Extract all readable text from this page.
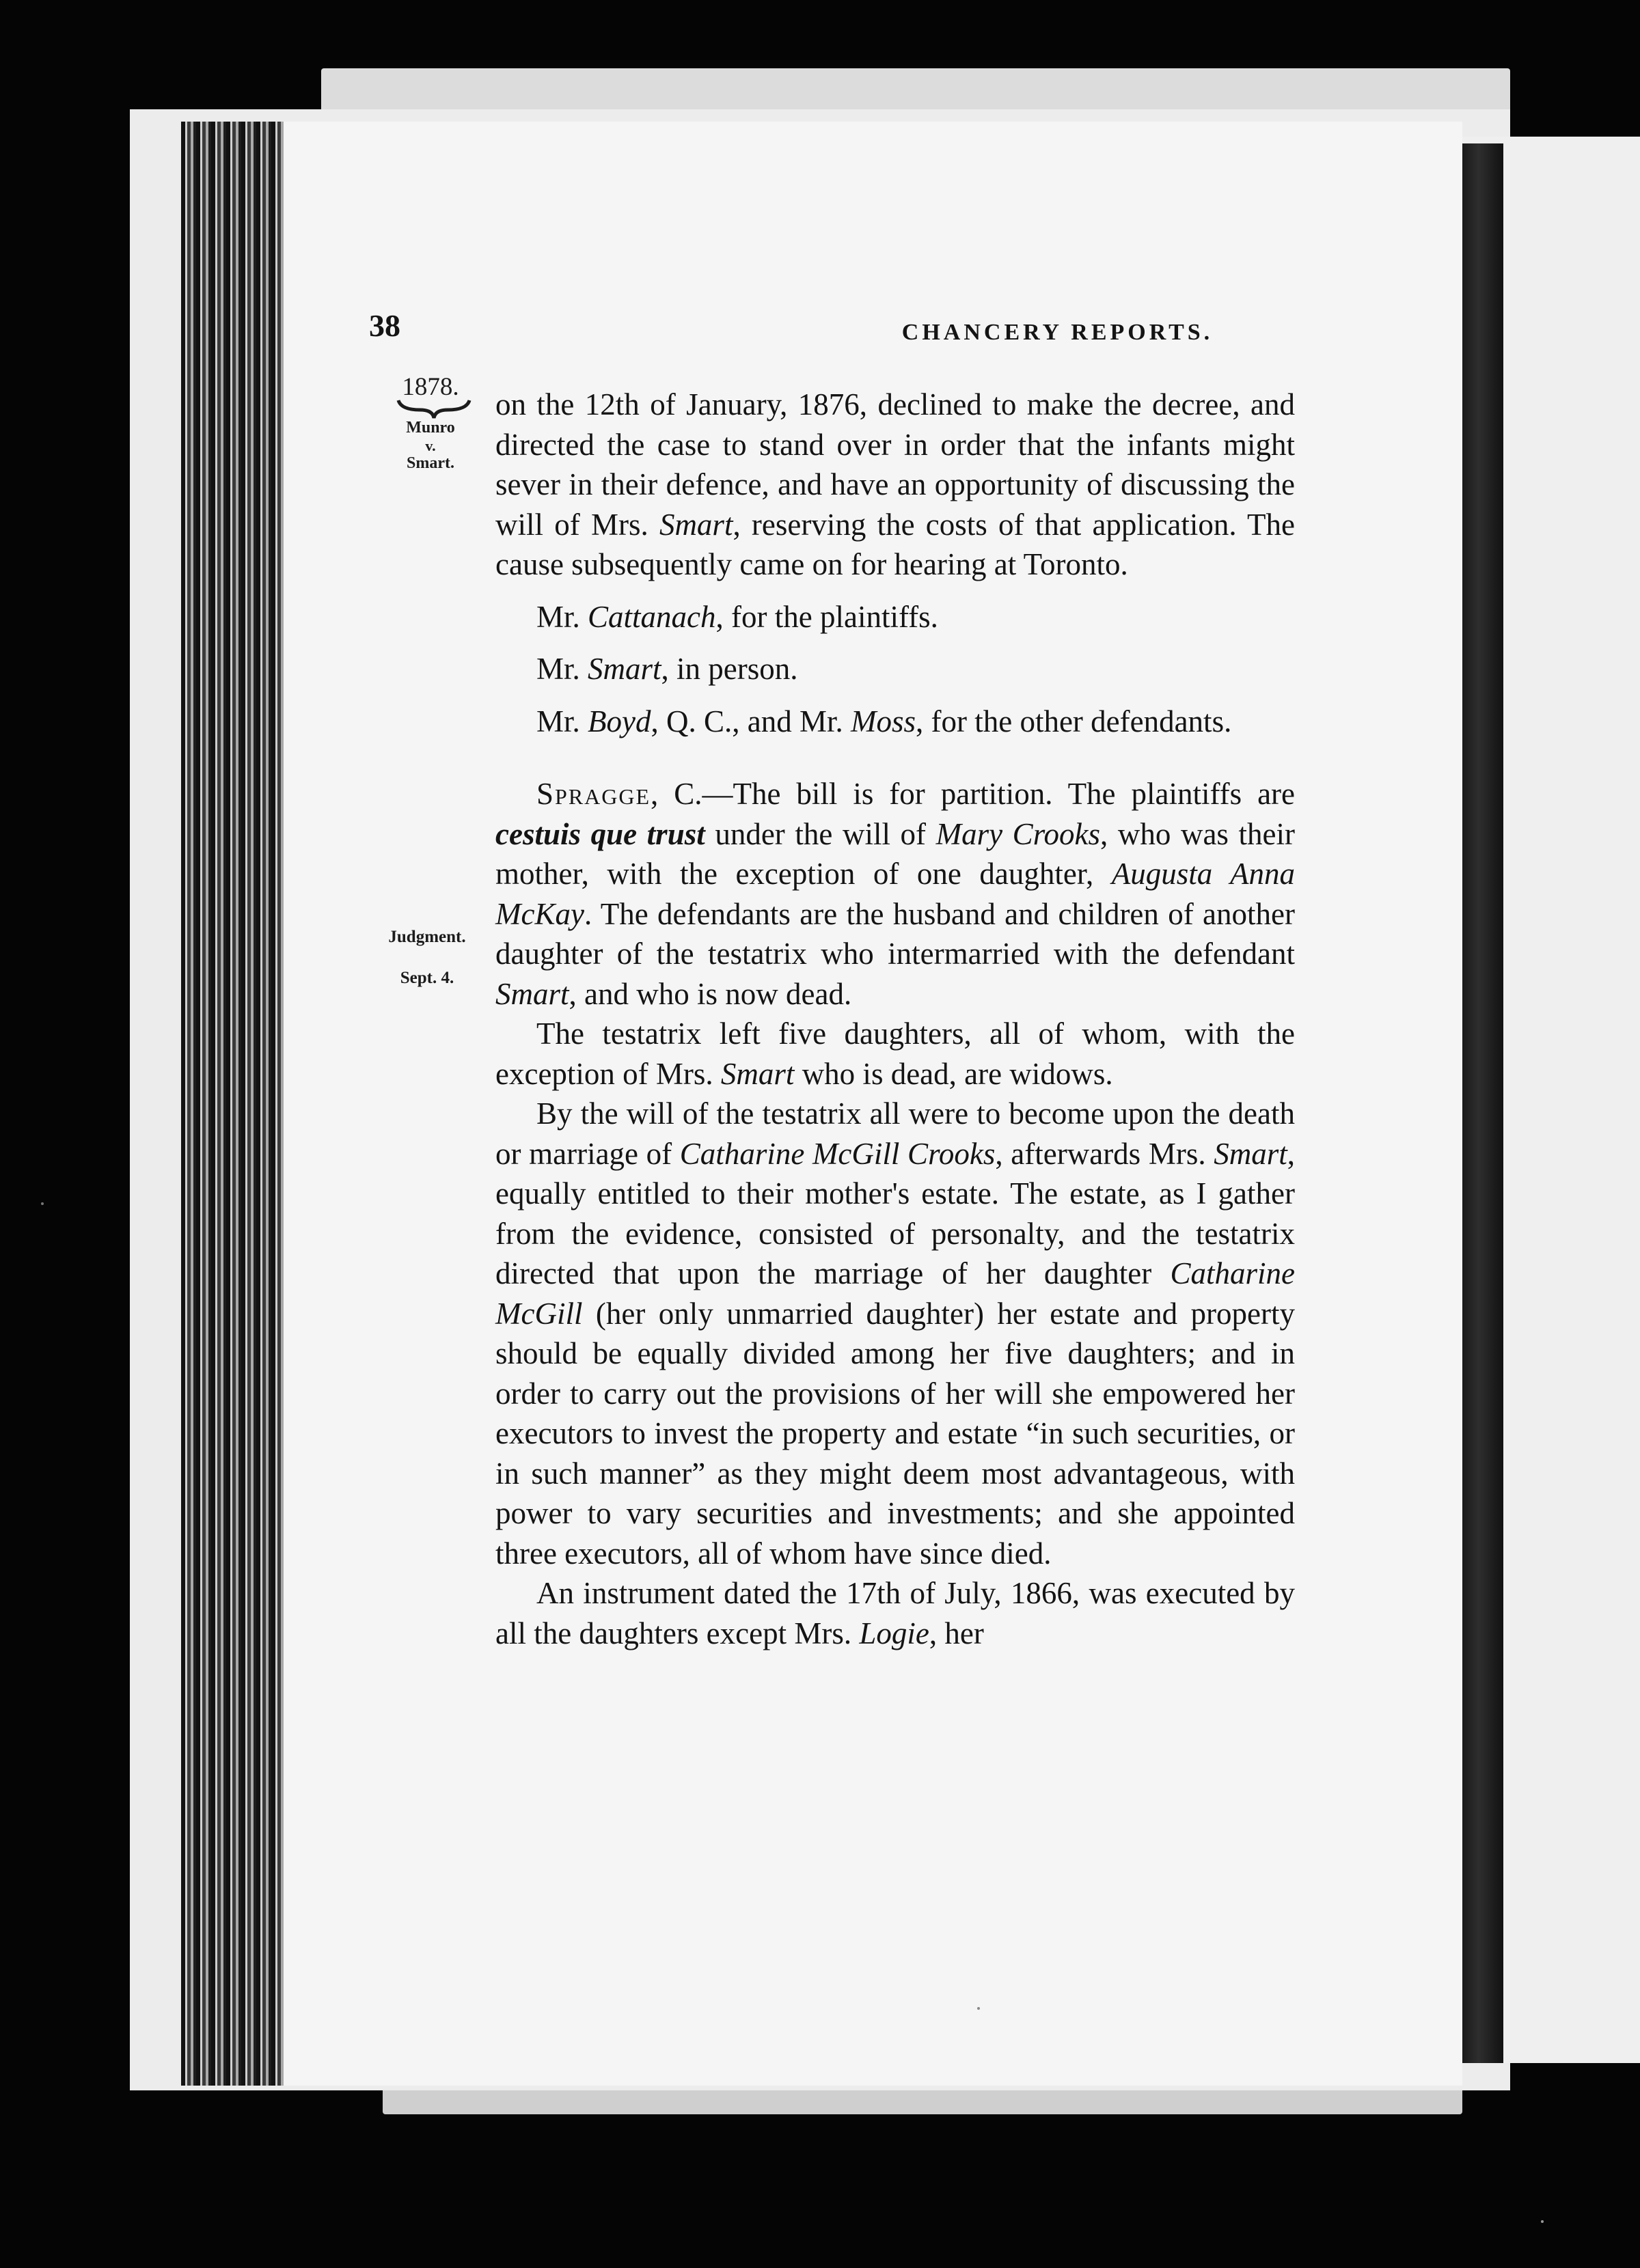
38	CHANCERY REPORTS.
1878.
Munro
v.
Smart.
Judgment.
Sept. 4.

on the 12th of January, 1876, declined to make the decree, and directed the case to stand over in order that the infants might sever in their defence, and have an opportunity of discussing the will of Mrs. Smart, reserving the costs of that application. The cause subsequently came on for hearing at Toronto.

Mr. Cattanach, for the plaintiffs.

Mr. Smart, in person.

Mr. Boyd, Q. C., and Mr. Moss, for the other defendants.

Spragge, C.—The bill is for partition. The plaintiffs are cestuis que trust under the will of Mary Crooks, who was their mother, with the exception of one daughter, Augusta Anna McKay. The defendants are the husband and children of another daughter of the testatrix who intermarried with the defendant Smart, and who is now dead.

The testatrix left five daughters, all of whom, with the exception of Mrs. Smart who is dead, are widows.

By the will of the testatrix all were to become upon the death or marriage of Catharine McGill Crooks, afterwards Mrs. Smart, equally entitled to their mother's estate. The estate, as I gather from the evidence, consisted of personalty, and the testatrix directed that upon the marriage of her daughter Catharine McGill (her only unmarried daughter) her estate and property should be equally divided among her five daughters; and in order to carry out the provisions of her will she empowered her executors to invest the property and estate “in such securities, or in such manner” as they might deem most advantageous, with power to vary securities and investments; and she appointed three executors, all of whom have since died.

An instrument dated the 17th of July, 1866, was executed by all the daughters except Mrs. Logie, her
